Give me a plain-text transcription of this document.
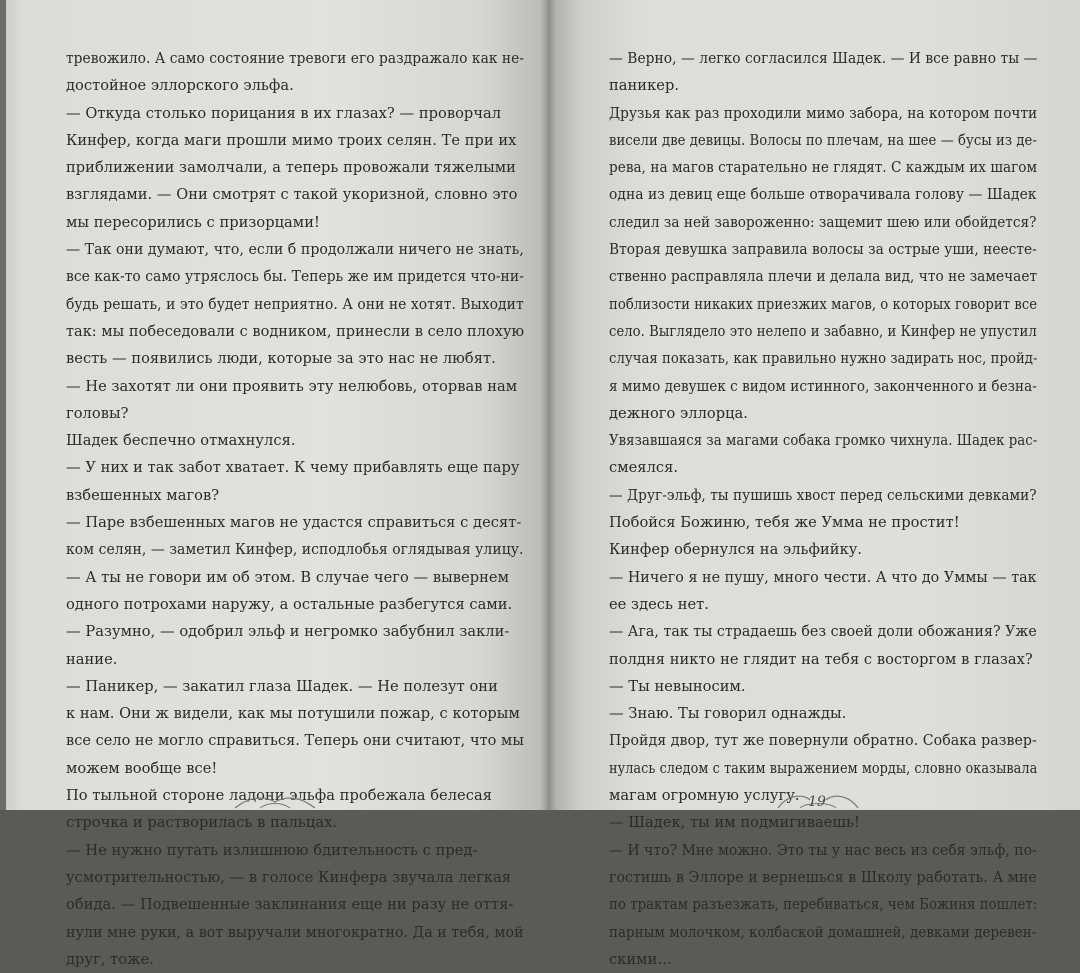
тревожило. А само состояние тревоги его раздражало как не-
достойное эллорского эльфа.
— Откуда столько порицания в их глазах? — проворчал
Кинфер, когда маги прошли мимо троих селян. Те при их
приближении замолчали, а теперь провожали тяжелыми
взглядами. — Они смотрят с такой укоризной, словно это
мы пересорились с призорцами!
— Так они думают, что, если б продолжали ничего не знать,
все как-то само утряслось бы. Теперь же им придется что-ни-
будь решать, и это будет неприятно. А они не хотят. Выходит
так: мы побеседовали с водником, принесли в село плохую
весть — появились люди, которые за это нас не любят.
— Не захотят ли они проявить эту нелюбовь, оторвав нам
головы?
Шадек беспечно отмахнулся.
— У них и так забот хватает. К чему прибавлять еще пару
взбешенных магов?
— Паре взбешенных магов не удастся справиться с десят-
ком селян, — заметил Кинфер, исподлобья оглядывая улицу.
— А ты не говори им об этом. В случае чего — вывернем
одного потрохами наружу, а остальные разбегутся сами.
— Разумно, — одобрил эльф и негромко забубнил закли-
нание.
— Паникер, — закатил глаза Шадек. — Не полезут они
к нам. Они ж видели, как мы потушили пожар, с которым
все село не могло справиться. Теперь они считают, что мы
можем вообще все!
По тыльной стороне ладони эльфа пробежала белесая
строчка и растворилась в пальцах.
— Не нужно путать излишнюю бдительность с пред-
усмотрительностью, — в голосе Кинфера звучала легкая
обида. — Подвешенные заклинания еще ни разу не оття-
нули мне руки, а вот выручали многократно. Да и тебя, мой
друг, тоже.
— Верно, — легко согласился Шадек. — И все равно ты —
паникер.
Друзья как раз проходили мимо забора, на котором почти
висели две девицы. Волосы по плечам, на шее — бусы из де-
рева, на магов старательно не глядят. С каждым их шагом
одна из девиц еще больше отворачивала голову — Шадек
следил за ней завороженно: защемит шею или обойдется?
Вторая девушка заправила волосы за острые уши, неесте-
ственно расправляла плечи и делала вид, что не замечает
поблизости никаких приезжих магов, о которых говорит все
село. Выглядело это нелепо и забавно, и Кинфер не упустил
случая показать, как правильно нужно задирать нос, пройд-
я мимо девушек с видом истинного, законченного и безна-
дежного эллорца.
Увязавшаяся за магами собака громко чихнула. Шадек рас-
смеялся.
— Друг-эльф, ты пушишь хвост перед сельскими девками?
Побойся Божиню, тебя же Умма не простит!
Кинфер обернулся на эльфийку.
— Ничего я не пушу, много чести. А что до Уммы — так
ее здесь нет.
— Ага, так ты страдаешь без своей доли обожания? Уже
полдня никто не глядит на тебя с восторгом в глазах?
— Ты невыносим.
— Знаю. Ты говорил однажды.
Пройдя двор, тут же повернули обратно. Собака развер-
нулась следом с таким выражением морды, словно оказывала
магам огромную услугу.
— Шадек, ты им подмигиваешь!
— И что? Мне можно. Это ты у нас весь из себя эльф, по-
гостишь в Эллоре и вернешься в Школу работать. А мне
по трактам разъезжать, перебиваться, чем Божиня пошлет:
парным молочком, колбаской домашней, девками деревен-
скими…
19
